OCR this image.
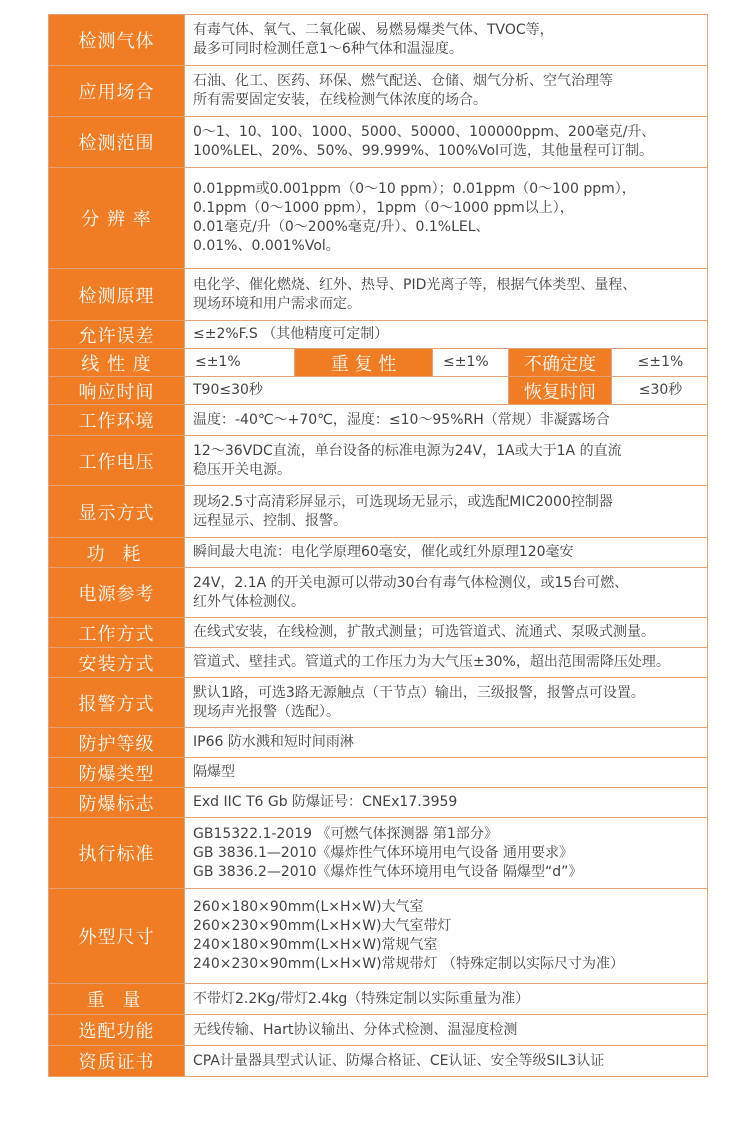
检测气体	有毒气体、氧气、二氧化碳、易燃易爆类气体、TVOC等，
最多可同时检测任意1～6种气体和温湿度。				

应用场合	石油、化工、医药、环保、燃气配送、仓储、烟气分析、空气治理等
所有需要固定安装，在线检测气体浓度的场合。				

检测范围	0～1、10、100、1000、5000、50000、100000ppm、200毫克/升、
100%LEL、20%、50%、99.999%、100%Vol可选，其他量程可订制。				

分 辨 率	0.01ppm或0.001ppm（0～10 ppm）；0.01ppm（0～100 ppm），
0.1ppm（0～1000 ppm），1ppm（0～1000 ppm以上），
0.01毫克/升（0～200%毫克/升）、0.1%LEL、
0.01%、0.001%Vol。				

检测原理	电化学、催化燃烧、红外、热导、PID光离子等，根据气体类型、量程、
现场环境和用户需求而定。				

允许误差	≤±2%F.S （其他精度可定制）				
线 性 度	≤±1%	重 复 性	≤±1%	不确定度	≤±1%
响应时间	T90≤30秒			恢复时间	≤30秒
工作环境	温度：-40℃～+70℃，湿度：≤10～95%RH（常规）非凝露场合				
工作电压	12～36VDC直流，单台设备的标准电源为24V，1A或大于1A 的直流
稳压开关电源。				

显示方式	现场2.5寸高清彩屏显示，可选现场无显示，或选配MIC2000控制器
远程显示、控制、报警。				

功 耗	瞬间最大电流：电化学原理60毫安，催化或红外原理120毫安				
电源参考	24V，2.1A 的开关电源可以带动30台有毒气体检测仪，或15台可燃、
红外气体检测仪。				

工作方式	在线式安装，在线检测，扩散式测量；可选管道式、流通式、泵吸式测量。				
安装方式	管道式、壁挂式。管道式的工作压力为大气压±30%，超出范围需降压处理。				
报警方式	默认1路，可选3路无源触点（干节点）输出，三级报警，报警点可设置。
现场声光报警（选配）。				

防护等级	IP66 防水溅和短时间雨淋				
防爆类型	隔爆型				
防爆标志	Exd IIC T6 Gb 防爆证号：CNEx17.3959				
执行标准	GB15322.1-2019 《可燃气体探测器 第1部分》
GB 3836.1—2010《爆炸性气体环境用电气设备 通用要求》
GB 3836.2—2010《爆炸性气体环境用电气设备 隔爆型“d”》				

外型尺寸	260×180×90mm(L×H×W)大气室
260×230×90mm(L×H×W)大气室带灯
240×180×90mm(L×H×W)常规气室
240×230×90mm(L×H×W)常规带灯 （特殊定制以实际尺寸为准）				

重 量	不带灯2.2Kg/带灯2.4kg（特殊定制以实际重量为准）				
选配功能	无线传输、Hart协议输出、分体式检测、温湿度检测				
资质证书	CPA计量器具型式认证、防爆合格证、CE认证、安全等级SIL3认证				
